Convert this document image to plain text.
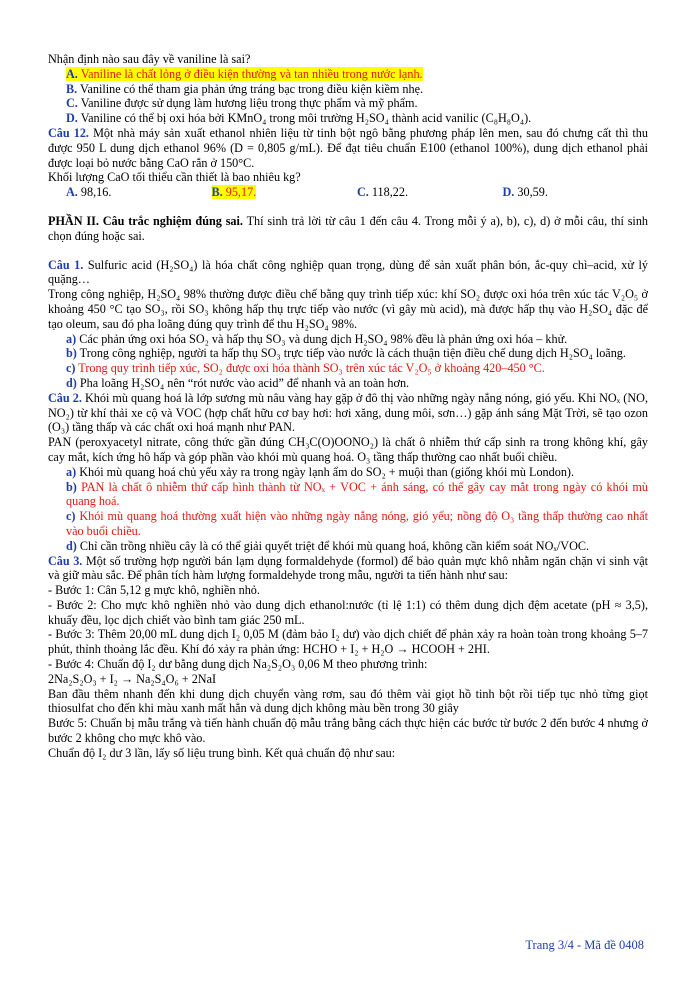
Nhận định nào sau đây về vaniline là sai?

A. Vaniline là chất lỏng ở điều kiện thường và tan nhiều trong nước lạnh.

B. Vaniline có thể tham gia phản ứng tráng bạc trong điều kiện kiềm nhẹ.

C. Vaniline được sử dụng làm hương liệu trong thực phẩm và mỹ phẩm.

D. Vaniline có thể bị oxi hóa bởi KMnO₄ trong môi trường H₂SO₄ thành acid vanilic (C₈H₈O₄).

Câu 12. Một nhà máy sản xuất ethanol nhiên liệu từ tinh bột ngô bằng phương pháp lên men, sau đó chưng cất thì thu được 950 L dung dịch ethanol 96% (D = 0,805 g/mL). Để đạt tiêu chuẩn E100 (ethanol 100%), dung dịch ethanol phải được loại bỏ nước bằng CaO rắn ở 150°C.

Khối lượng CaO tối thiểu cần thiết là bao nhiêu kg?

A. 98,16.	B. 95,17.	C. 118,22.	D. 30,59.

PHẦN II. Câu trắc nghiệm đúng sai. Thí sinh trả lời từ câu 1 đến câu 4. Trong mỗi ý a), b), c), d) ở mỗi câu, thí sinh chọn đúng hoặc sai.

Câu 1. Sulfuric acid (H₂SO₄) là hóa chất công nghiệp quan trọng, dùng để sản xuất phân bón, ắc-quy chì–acid, xử lý quặng…

Trong công nghiệp, H₂SO₄ 98% thường được điều chế bằng quy trình tiếp xúc: khí SO₂ được oxi hóa trên xúc tác V₂O₅ ở khoảng 450 °C tạo SO₃, rồi SO₃ không hấp thụ trực tiếp vào nước (vì gây mù acid), mà được hấp thụ vào H₂SO₄ đặc để tạo oleum, sau đó pha loãng đúng quy trình để thu H₂SO₄ 98%.

a) Các phản ứng oxi hóa SO₂ và hấp thụ SO₃ và dung dịch H₂SO₄ 98% đều là phản ứng oxi hóa – khử.

b) Trong công nghiệp, người ta hấp thụ SO₃ trực tiếp vào nước là cách thuận tiện điều chế dung dịch H₂SO₄ loãng.

c) Trong quy trình tiếp xúc, SO₂ được oxi hóa thành SO₃ trên xúc tác V₂O₅ ở khoảng 420–450 °C.

d) Pha loãng H₂SO₄ nên “rót nước vào acid” để nhanh và an toàn hơn.

Câu 2. Khói mù quang hoá là lớp sương mù nâu vàng hay gặp ở đô thị vào những ngày nắng nóng, gió yếu. Khi NOₓ (NO, NO₂) từ khí thải xe cộ và VOC (hợp chất hữu cơ bay hơi: hơi xăng, dung môi, sơn…) gặp ánh sáng Mặt Trời, sẽ tạo ozon (O₃) tầng thấp và các chất oxi hoá mạnh như PAN.

PAN (peroxyacetyl nitrate, công thức gần đúng CH₃C(O)OONO₂) là chất ô nhiễm thứ cấp sinh ra trong không khí, gây cay mắt, kích ứng hô hấp và góp phần vào khói mù quang hoá. O₃ tầng thấp thường cao nhất buổi chiều.

a) Khói mù quang hoá chủ yếu xảy ra trong ngày lạnh ẩm do SO₂ + muội than (giống khói mù London).

b) PAN là chất ô nhiễm thứ cấp hình thành từ NOₓ + VOC + ánh sáng, có thể gây cay mắt trong ngày có khói mù quang hoá.

c) Khói mù quang hoá thường xuất hiện vào những ngày nắng nóng, gió yếu; nồng độ O₃ tầng thấp thường cao nhất vào buổi chiều.

d) Chỉ cần trồng nhiều cây là có thể giải quyết triệt để khói mù quang hoá, không cần kiểm soát NOₓ/VOC.

Câu 3. Một số trường hợp người bán lạm dụng formaldehyde (formol) để bảo quản mực khô nhằm ngăn chặn vi sinh vật và giữ màu sắc. Để phân tích hàm lượng formaldehyde trong mẫu, người ta tiến hành như sau:

- Bước 1: Cân 5,12 g mực khô, nghiền nhỏ.

- Bước 2: Cho mực khô nghiền nhỏ vào dung dịch ethanol:nước (tỉ lệ 1:1) có thêm dung dịch đệm acetate (pH ≈ 3,5), khuấy đều, lọc dịch chiết vào bình tam giác 250 mL.

- Bước 3: Thêm 20,00 mL dung dịch I₂ 0,05 M (đảm bảo I₂ dư) vào dịch chiết để phản xảy ra hoàn toàn trong khoảng 5–7 phút, thỉnh thoảng lắc đều. Khí đó xảy ra phản ứng: HCHO + I₂ + H₂O → HCOOH + 2HI.

- Bước 4: Chuẩn độ I₂ dư bằng dung dịch Na₂S₂O₃ 0,06 M theo phương trình:

2Na₂S₂O₃ + I₂ → Na₂S₄O₆ + 2NaI

Ban đầu thêm nhanh đến khi dung dịch chuyển vàng rơm, sau đó thêm vài giọt hồ tinh bột rồi tiếp tục nhỏ từng giọt thiosulfat cho đến khi màu xanh mất hẳn và dung dịch không màu bền trong 30 giây

Bước 5: Chuẩn bị mẫu trắng và tiến hành chuẩn độ mẫu trắng bằng cách thực hiện các bước từ bước 2 đến bước 4 nhưng ở bước 2 không cho mực khô vào.

Chuẩn độ I₂ dư 3 lần, lấy số liệu trung bình. Kết quả chuẩn độ như sau:

Trang 3/4 - Mã đề 0408
